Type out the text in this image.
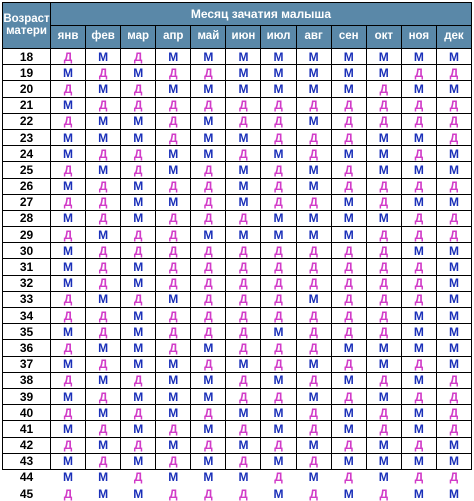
Возраст
матери
Месяц зачатия малыша
янв	фев	мар	апр	май	июн июл	авг	сен	окт	ноя	дек
18	Д	М	Д	М	М	М	М	М	М	М	М	М
19	М	Д	М	Д	Д	М	М	М	М	М	Д	Д
20	Д	М	Д	М	М	М	М	М	М	Д	М	М
21	М	Д	Д	Д	Д	Д	Д	Д	Д	Д	Д	Д
22	Д	М	М	Д	М	Д	Д	М	Д	Д	Д	Д
23	М	М	М	Д	М	М	Д	Д	Д	М	М	Д
24	М	Д	Д	М	М	Д	М	Д	М	М	Д	М
25	Д	М	Д	М	Д	М	Д	М	Д	М	М	М
26	М	Д	М	Д	Д	М	Д	М	Д	Д	Д	Д
27	Д	Д	М	М	Д	М	Д	Д	М	Д	М	М
28	М	Д	М	Д	Д	Д	М	М	М	М	Д	Д
29	Д	М	Д	Д	М	М	М	М	М	Д	Д	Д
30	М	Д	Д	Д	Д	Д	Д	Д	Д	Д	М	М
31	М	Д	М	Д	Д	Д	Д	Д	Д	Д	Д	М
32	М	Д	М	Д	Д	Д	Д	Д	Д	Д	Д	М
33	Д	М	Д	М	Д	Д	Д	М	Д	Д	Д	М
34	Д	Д	М	Д	Д	Д	Д	Д	Д	Д	М	М
35	М	Д	М	Д	Д	Д	М	Д	Д	Д	М	М
36	Д	М	М	Д	М	Д	Д	Д	М	М	М	М
37	М	Д	М	М	Д	М	Д	М	Д	М	Д	М
38	Д	М	Д	М	М	Д	М	Д	М	Д	М	Д
39	М	Д	М	М	М	Д	Д	М	Д	М	Д	Д
40	Д	М	Д	М	Д	М	М	Д	М	Д	М	Д
41	М	Д	М	Д	М	Д	М	Д	М	Д	М	Д
42	Д	М	Д	М	Д	М	Д	М	Д	М	Д	М
43	М	Д	М	Д	М	Д	М	Д	М	М	М	М
44	М	М	Д	М	М	М	Д	М	Д	М	Д	Д
45	Д	М	М	Д	Д	Д	М	Д	М	Д	М	М
